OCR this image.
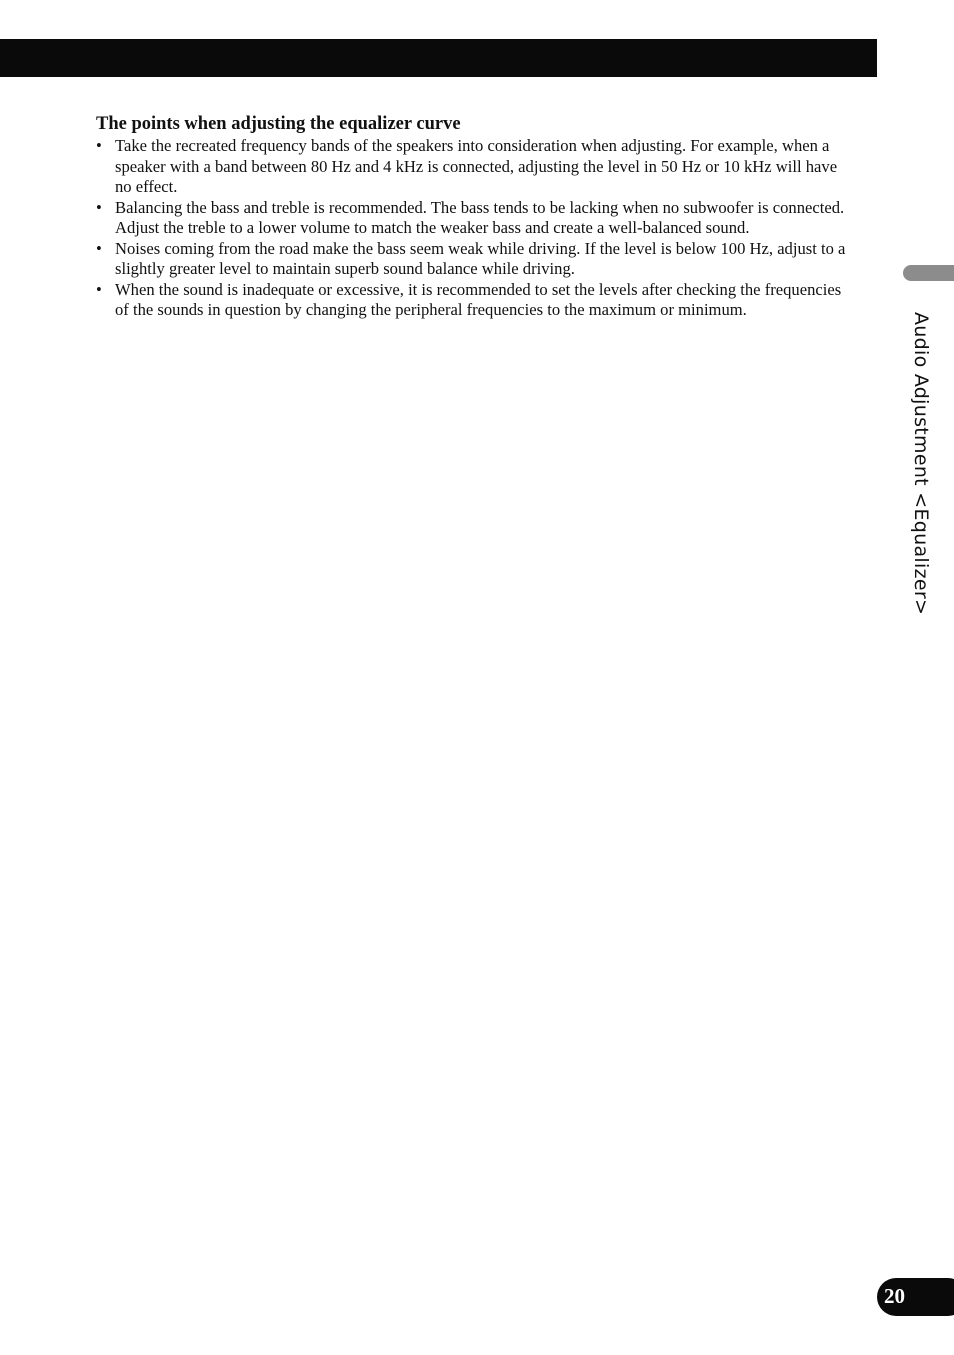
The points when adjusting the equalizer curve
• Take the recreated frequency bands of the speakers into consideration when adjusting. For example, when a speaker with a band between 80 Hz and 4 kHz is connected, adjusting the level in 50 Hz or 10 kHz will have no effect.
• Balancing the bass and treble is recommended. The bass tends to be lacking when no subwoofer is connected. Adjust the treble to a lower volume to match the weaker bass and create a well-balanced sound.
• Noises coming from the road make the bass seem weak while driving. If the level is below 100 Hz, adjust to a slightly greater level to maintain superb sound balance while driving.
• When the sound is inadequate or excessive, it is recommended to set the levels after checking the frequencies of the sounds in question by changing the peripheral frequencies to the maximum or minimum.
Audio Adjustment <Equalizer>
20
